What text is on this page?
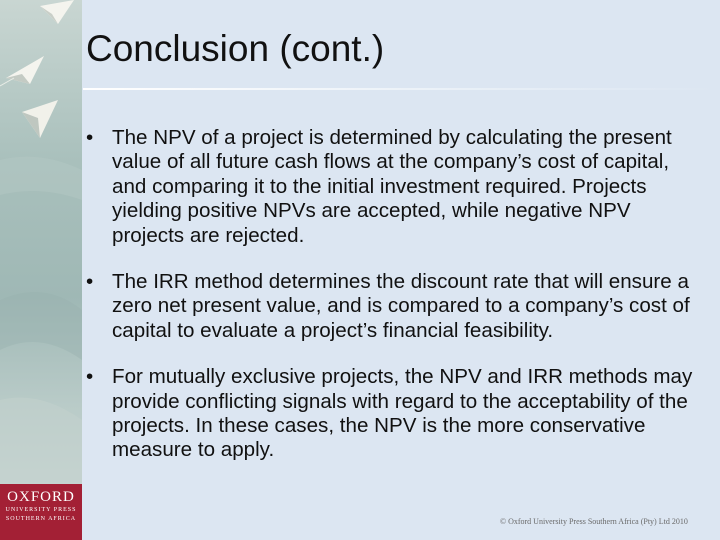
Conclusion (cont.)
• The NPV of a project is determined by calculating the present value of all future cash flows at the company’s cost of capital, and comparing it to the initial investment required. Projects yielding positive NPVs are accepted, while negative NPV projects are rejected.
• The IRR method determines the discount rate that will ensure a zero net present value, and is compared to a company’s cost of capital to evaluate a project’s financial feasibility.
• For mutually exclusive projects, the NPV and IRR methods may provide conflicting signals with regard to the acceptability of the projects. In these cases, the NPV is the more conservative measure to apply.
OXFORD
UNIVERSITY PRESS
SOUTHERN AFRICA	© Oxford University Press Southern Africa (Pty) Ltd 2010
